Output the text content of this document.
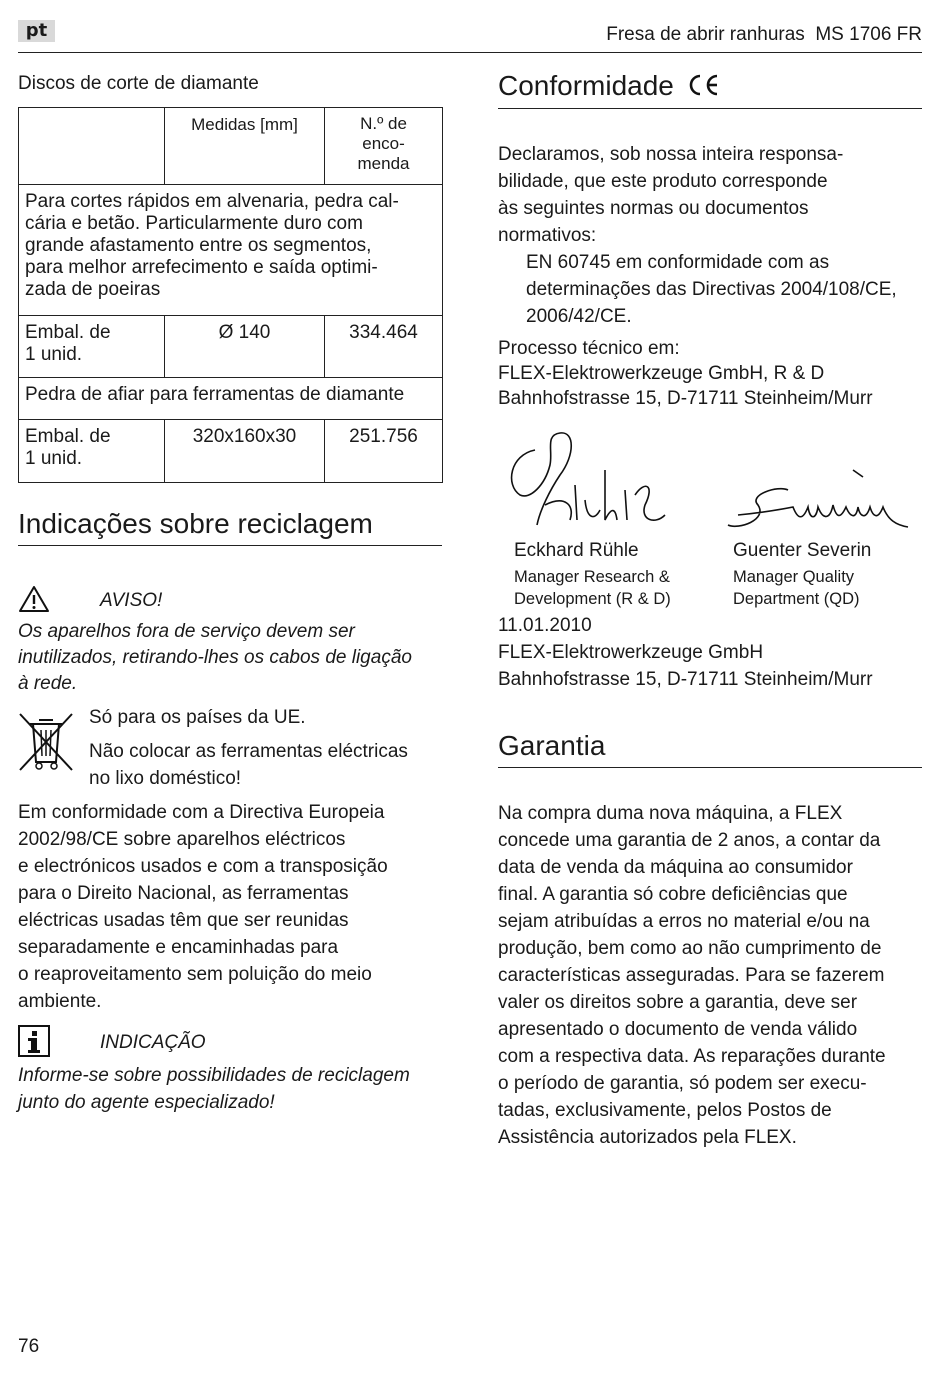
pt	Fresa de abrir ranhuras  MS 1706 FR
Discos de corte de diamante
	Medidas [mm]	N.º de
enco-
menda
Para cortes rápidos em alvenaria, pedra cal-
cária e betão. Particularmente duro com
grande afastamento entre os segmentos,
para melhor arrefecimento e saída optimi-
zada de poeiras		
Embal. de
1 unid.	Ø 140	334.464
Pedra de afiar para ferramentas de diamante		
Embal. de
1 unid.	320x160x30	251.756
Indicações sobre reciclagem
AVISO!
Os aparelhos fora de serviço devem ser
inutilizados, retirando-lhes os cabos de ligação
à rede.
Só para os países da UE.
Não colocar as ferramentas eléctricas
no lixo doméstico!
Em conformidade com a Directiva Europeia
2002/98/CE sobre aparelhos eléctricos
e electrónicos usados e com a transposição
para o Direito Nacional, as ferramentas
eléctricas usadas têm que ser reunidas
separadamente e encaminhadas para
o reaproveitamento sem poluição do meio
ambiente.
INDICAÇÃO
Informe-se sobre possibilidades de reciclagem
junto do agente especializado!
Conformidade
Declaramos, sob nossa inteira responsa-
bilidade, que este produto corresponde
às seguintes normas ou documentos
normativos:
EN 60745 em conformidade com as
determinações das Directivas 2004/108/CE,
2006/42/CE.
Processo técnico em:
FLEX-Elektrowerkzeuge GmbH, R & D
Bahnhofstrasse 15, D-71711 Steinheim/Murr
Eckhard Rühle
Manager Research &
Development (R & D)
Guenter Severin
Manager Quality
Department (QD)
11.01.2010
FLEX-Elektrowerkzeuge GmbH
Bahnhofstrasse 15, D-71711 Steinheim/Murr
Garantia
Na compra duma nova máquina, a FLEX
concede uma garantia de 2 anos, a contar da
data de venda da máquina ao consumidor
final. A garantia só cobre deficiências que
sejam atribuídas a erros no material e/ou na
produção, bem como ao não cumprimento de
características asseguradas. Para se fazerem
valer os direitos sobre a garantia, deve ser
apresentado o documento de venda válido
com a respectiva data. As reparações durante
o período de garantia, só podem ser execu-
tadas, exclusivamente, pelos Postos de
Assistência autorizados pela FLEX.
76
